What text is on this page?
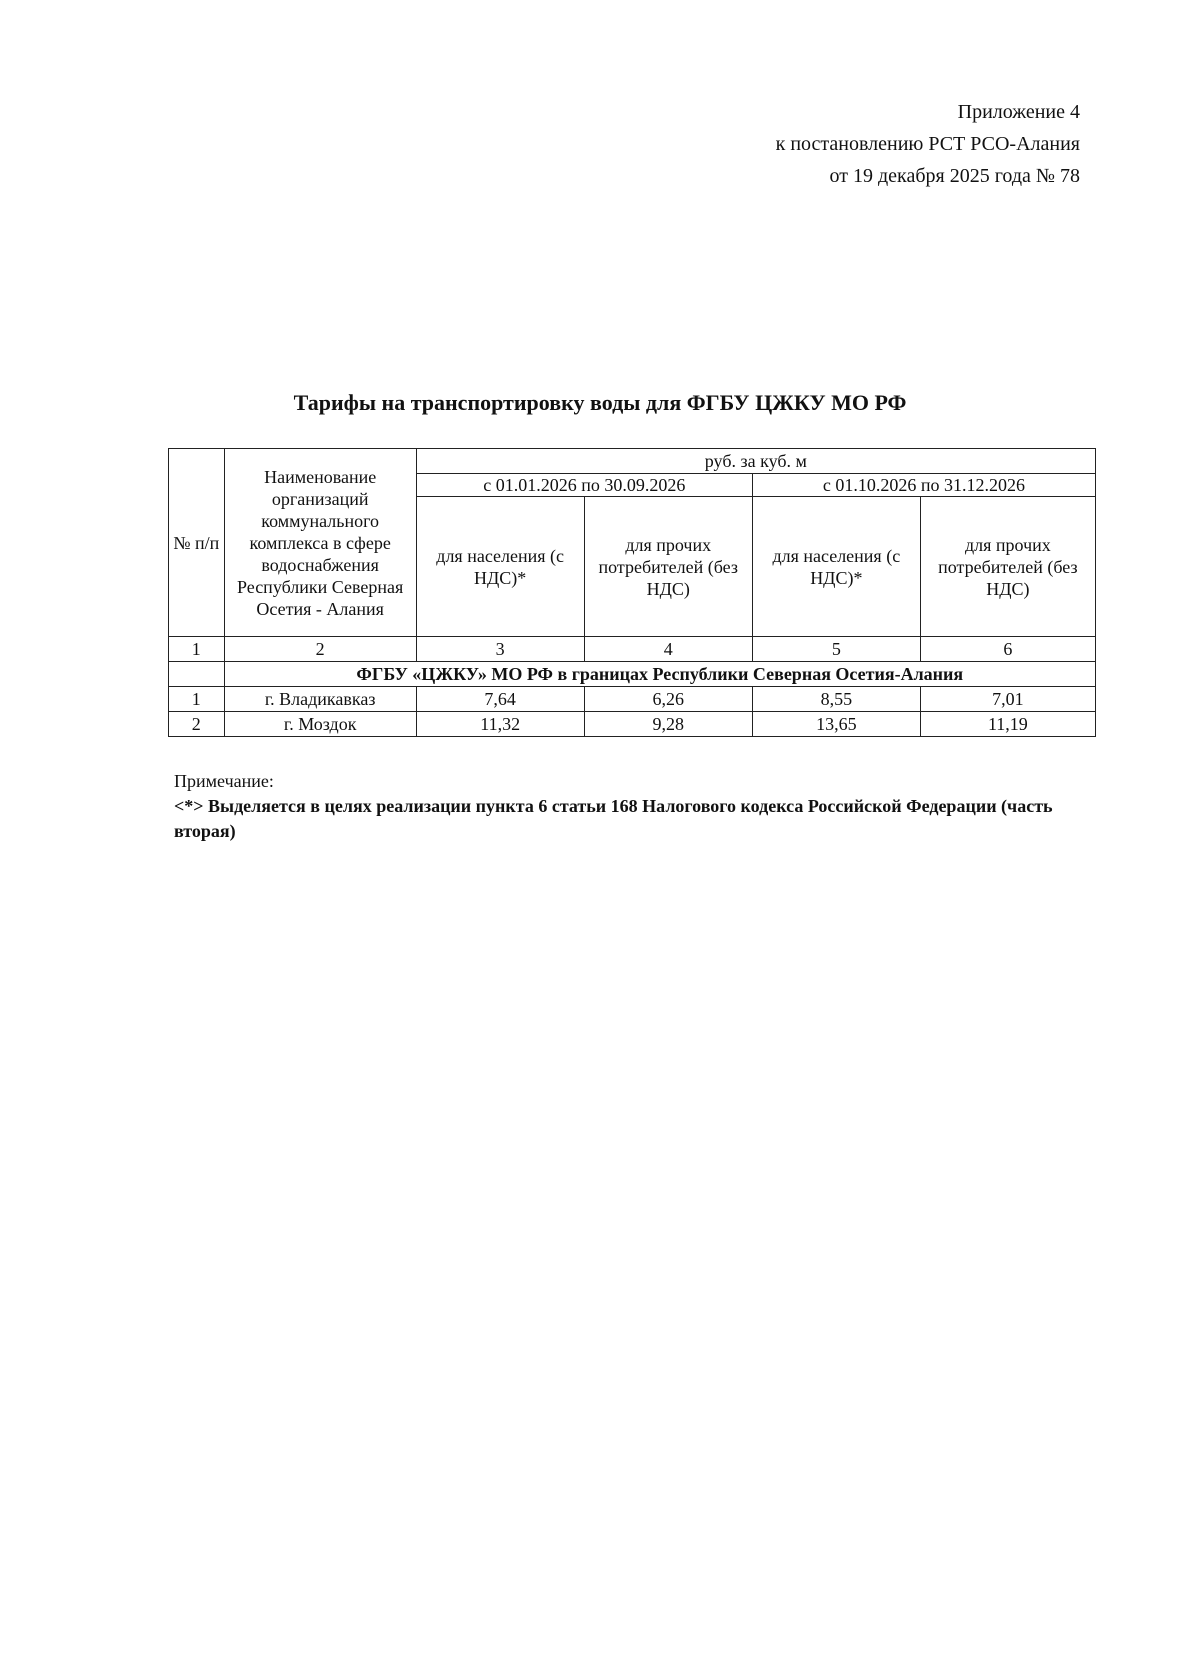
Приложение 4
к постановлению РСТ РСО-Алания
от 19 декабря 2025 года № 78
Тарифы на транспортировку воды для ФГБУ ЦЖКУ МО РФ
№ п/п	Наименование организаций коммунального комплекса в сфере водоснабжения Республики Северная Осетия - Алания	руб. за куб. м			
		с 01.01.2026 по 30.09.2026		с 01.10.2026 по 31.12.2026	
		для населения (с НДС)*	для прочих потребителей (без НДС)	для населения (с НДС)*	для прочих потребителей (без НДС)
1	2	3	4	5	6
	ФГБУ «ЦЖКУ» МО РФ в границах Республики Северная Осетия-Алания				
1	г. Владикавказ	7,64	6,26	8,55	7,01
2	г. Моздок	11,32	9,28	13,65	11,19
Примечание:
<*> Выделяется в целях реализации пункта 6 статьи 168 Налогового кодекса Российской Федерации (часть вторая)
